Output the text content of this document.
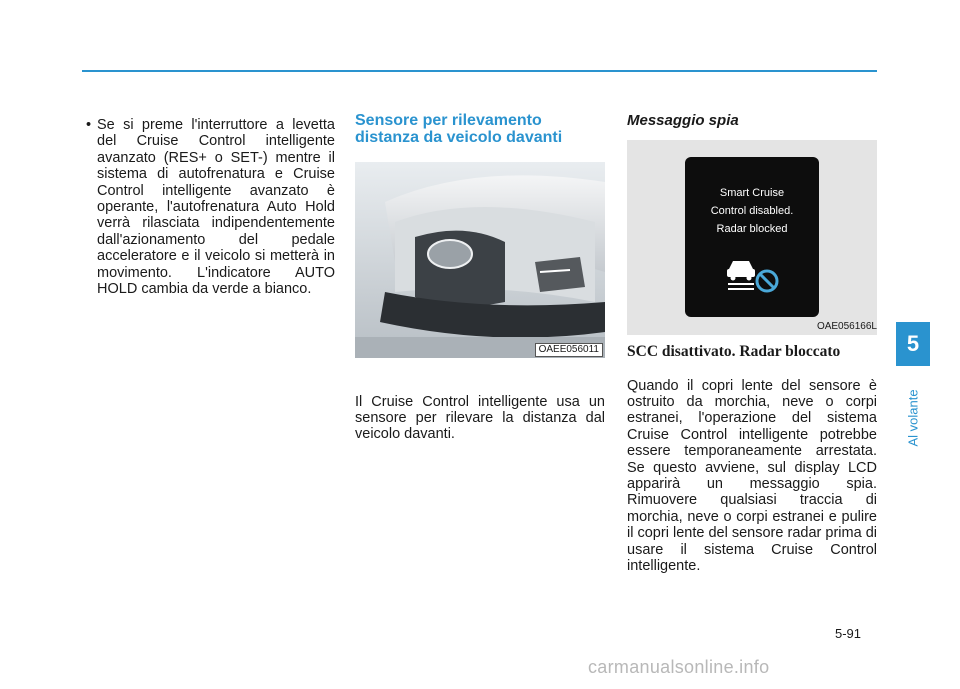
• Se si preme l'interruttore a levetta del Cruise Control intelligente avanzato (RES+ o SET-) mentre il sistema di autofrenatura e Cruise Control intelligente avanzato è operante, l'autofrenatura Auto Hold verrà rilasciata indipendentemente dall'azionamento del pedale acceleratore e il veicolo si metterà in movimento. L'indicatore AUTO HOLD cambia da verde a bianco.
Sensore per rilevamento distanza da veicolo davanti

Il Cruise Control intelligente usa un sensore per rilevare la distanza dal veicolo davanti.

OAEE056011
Messaggio spia
SCC disattivato. Radar bloccato

Quando il copri lente del sensore è ostruito da morchia, neve o corpi estranei, l'operazione del sistema Cruise Control intelligente potrebbe essere temporaneamente arrestata. Se questo avviene, sul display LCD apparirà un messaggio spia. Rimuovere qualsiasi traccia di morchia, neve o corpi estranei e pulire il copri lente del sensore radar prima di usare il sistema Cruise Control intelligente.

Smart Cruise
Control disabled.
Radar blocked
OAE056166L
5
Al volante
5-91
carmanualsonline.info
